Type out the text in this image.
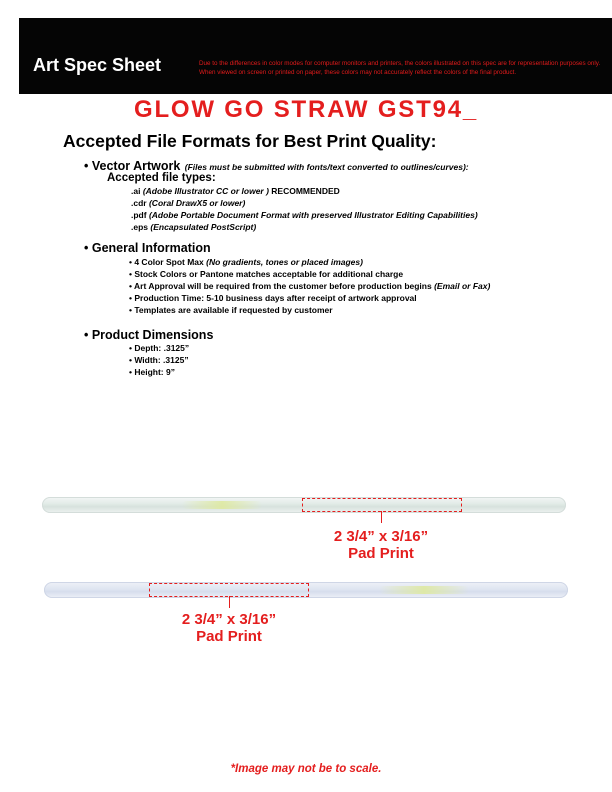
Art Spec Sheet	Due to the differences in color modes for computer monitors and printers, the colors illustrated on this spec are for representation purposes only. When viewed on screen or printed on paper, these colors may not accurately reflect the colors of the final product.
GLOW GO STRAW GST94_
Accepted File Formats for Best Print Quality:
• Vector Artwork (Files must be submitted with fonts/text converted to outlines/curves):
Accepted file types:
.ai (Adobe Illustrator CC or lower ) RECOMMENDED
.cdr (Coral DrawX5 or lower)
.pdf (Adobe Portable Document Format with preserved Illustrator Editing Capabilities)
.eps (Encapsulated PostScript)
• General Information
• 4 Color Spot Max (No gradients, tones or placed images)
• Stock Colors or Pantone matches acceptable for additional charge
• Art Approval will be required from the customer before production begins (Email or Fax)
• Production Time: 5-10 business days after receipt of artwork approval
• Templates are available if requested by customer
• Product Dimensions
• Depth: .3125”
• Width: .3125”
• Height: 9”
2 3/4” x 3/16”
Pad Print
2 3/4” x 3/16”
Pad Print
*Image may not be to scale.
